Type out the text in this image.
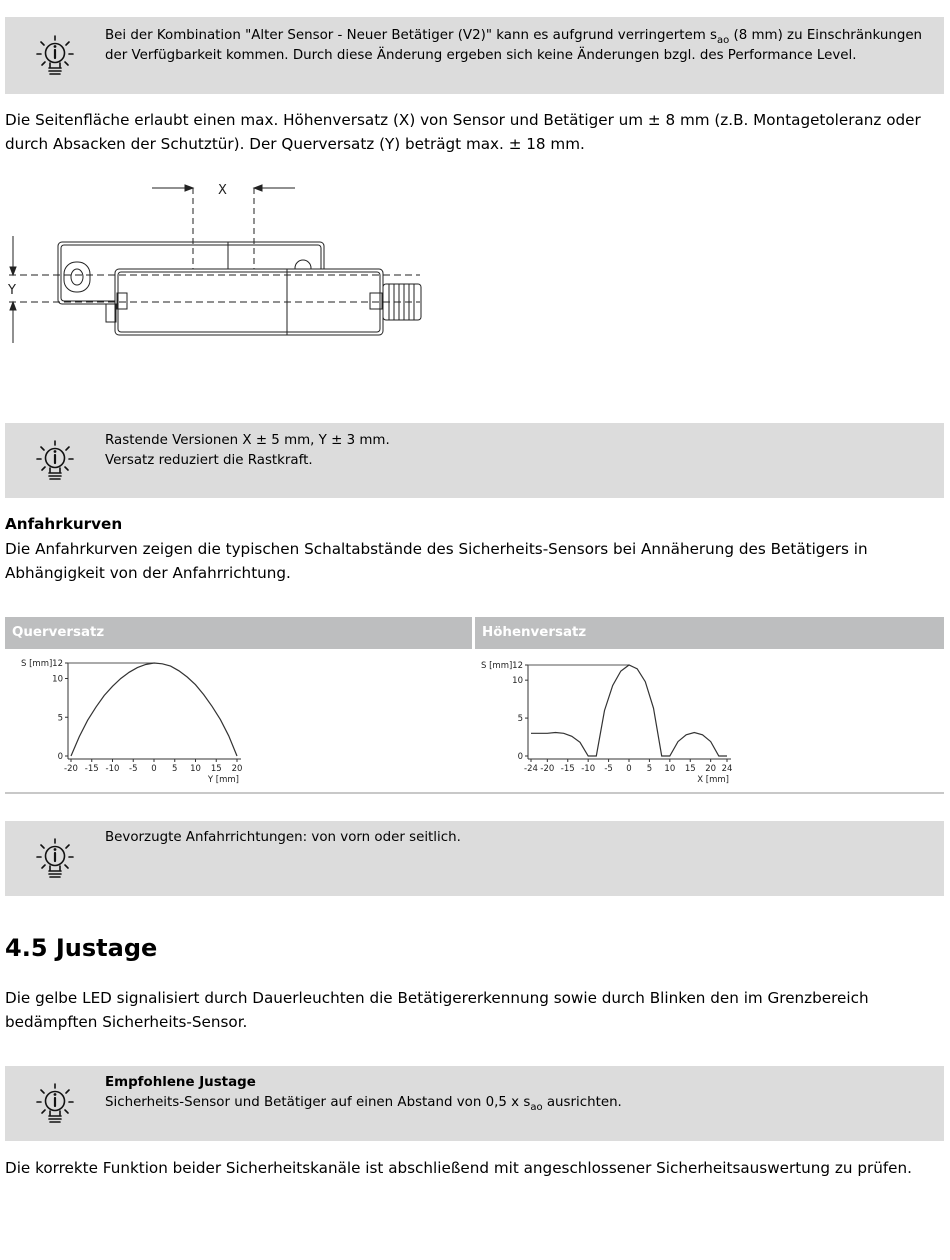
Bei der Kombination "Alter Sensor - Neuer Betätiger (V2)" kann es aufgrund verringertem $s_{ao}$ (8 mm) zu Einschränkungen der Verfügbarkeit kommen. Durch diese Änderung ergeben sich keine Änderungen bzgl. des Performance Level.
Die Seitenfläche erlaubt einen max. Höhenversatz (X) von Sensor und Betätiger um ± 8 mm (z.B. Montagetoleranz oder durch Absacken der Schutztür). Der Querversatz (Y) beträgt max. ± 18 mm.
X
Y
Rastende Versionen X ± 5 mm, Y ± 3 mm.
Versatz reduziert die Rastkraft.
Anfahrkurven
Die Anfahrkurven zeigen die typischen Schaltabstände des Sicherheits-Sensors bei Annäherung des Betätigers in Abhängigkeit von der Anfahrrichtung.
Querversatz	Höhenversatz
0
5
10
12
-20 -15 -10 -5 0 5 10 15 20
S [mm]
Y [mm]
0
5
10
12
-24 -20 -15 -10 -5 0 5 10 15 20 24
S [mm]
X [mm]
Bevorzugte Anfahrrichtungen: von vorn oder seitlich.
4.5 Justage
Die gelbe LED signalisiert durch Dauerleuchten die Betätigererkennung sowie durch Blinken den im Grenzbereich bedämpften Sicherheits-Sensor.
Empfohlene Justage
Sicherheits-Sensor und Betätiger auf einen Abstand von 0,5 x $s_{ao}$ ausrichten.
Die korrekte Funktion beider Sicherheitskanäle ist abschließend mit angeschlossener Sicherheitsauswertung zu prüfen.
